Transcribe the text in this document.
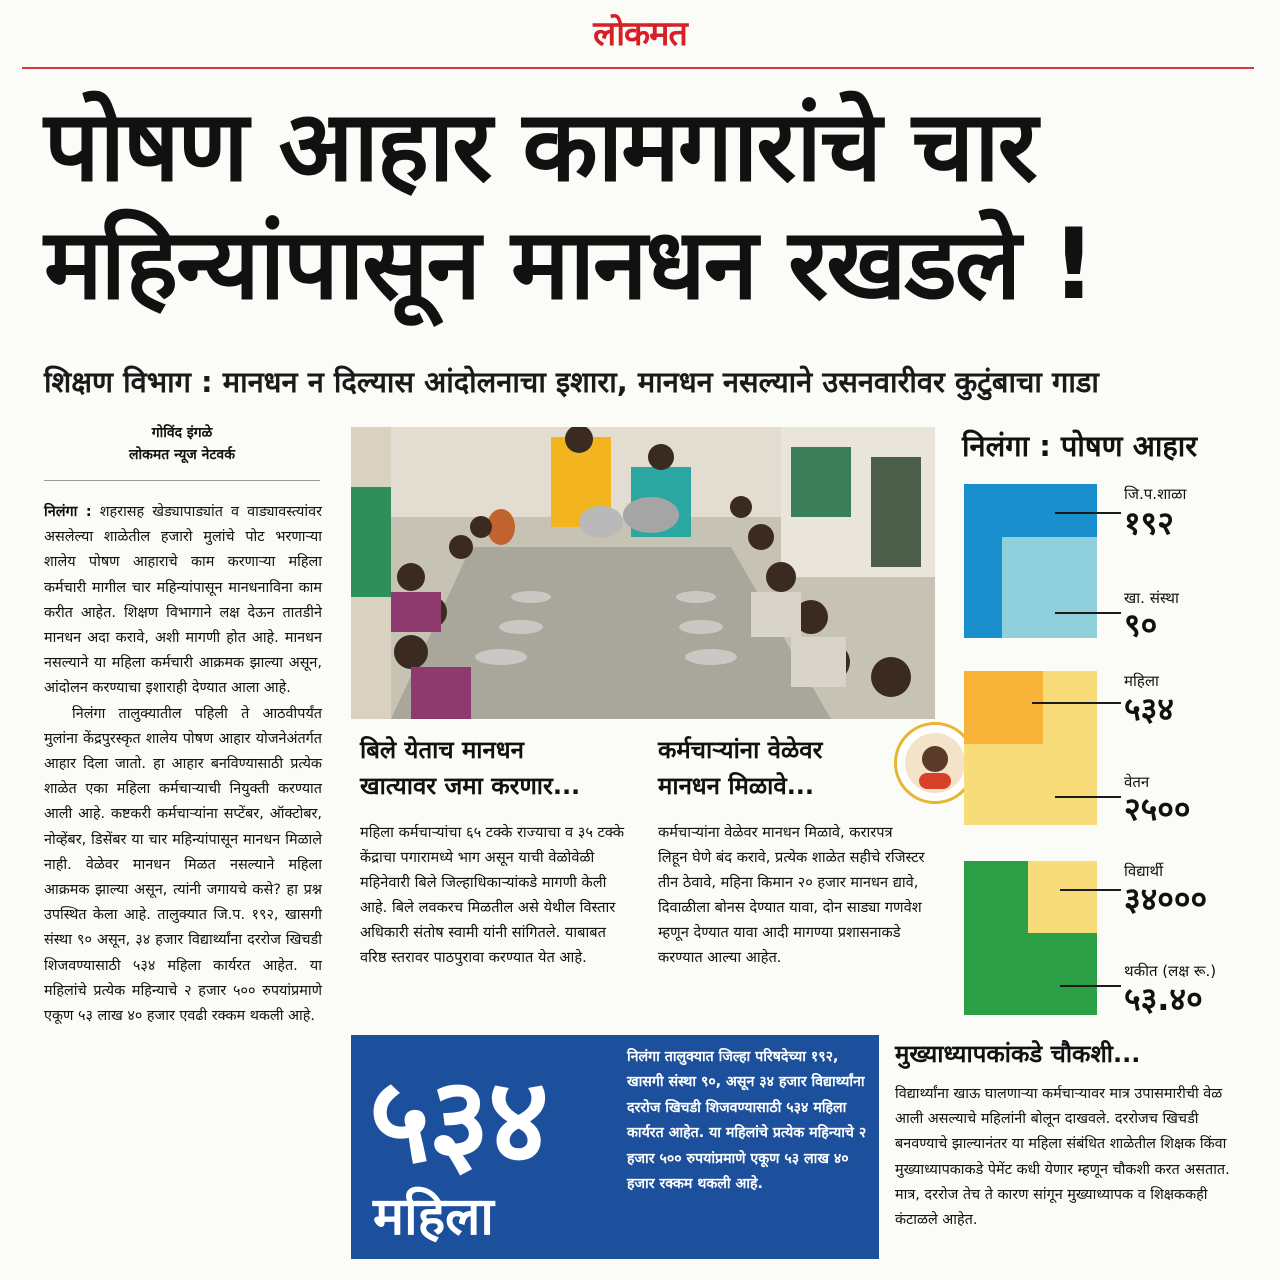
लोकमत
पोषण आहार कामगारांचे चार
महिन्यांपासून मानधन रखडले !
शिक्षण विभाग : मानधन न दिल्यास आंदोलनाचा इशारा, मानधन नसल्याने उसनवारीवर कुटुंबाचा गाडा
गोविंद इंगळे
लोकमत न्यूज नेटवर्क

निलंगा : शहरासह खेड्यापाड्यांत व वाड्यावस्त्यांवर असलेल्या शाळेतील हजारो मुलांचे पोट भरणाऱ्या शालेय पोषण आहाराचे काम करणाऱ्या महिला कर्मचारी मागील चार महिन्यांपासून मानधनाविना काम करीत आहेत. शिक्षण विभागाने लक्ष देऊन तातडीने मानधन अदा करावे, अशी मागणी होत आहे. मानधन नसल्याने या महिला कर्मचारी आक्रमक झाल्या असून, आंदोलन करण्याचा इशाराही देण्यात आला आहे.

निलंगा तालुक्यातील पहिली ते आठवीपर्यंत मुलांना केंद्रपुरस्कृत शालेय पोषण आहार योजनेअंतर्गत आहार दिला जातो. हा आहार बनविण्यासाठी प्रत्येक शाळेत एका महिला कर्मचाऱ्याची नियुक्ती करण्यात आली आहे. कष्टकरी कर्मचाऱ्यांना सप्टेंबर, ऑक्टोबर, नोव्हेंबर, डिसेंबर या चार महिन्यांपासून मानधन मिळाले नाही. वेळेवर मानधन मिळत नसल्याने महिला आक्रमक झाल्या असून, त्यांनी जगायचे कसे? हा प्रश्न उपस्थित केला आहे. तालुक्यात जि.प. १९२, खासगी संस्था ९० असून, ३४ हजार विद्यार्थ्यांना दररोज खिचडी शिजवण्यासाठी ५३४ महिला कार्यरत आहेत. या महिलांचे प्रत्येक महिन्याचे २ हजार ५०० रुपयांप्रमाणे एकूण ५३ लाख ४० हजार एवढी रक्कम थकली आहे.

बिले येताच मानधन
खात्यावर जमा करणार...
महिला कर्मचाऱ्यांचा ६५ टक्के राज्याचा व ३५ टक्के केंद्राचा पगारामध्ये भाग असून याची वेळोवेळी महिनेवारी बिले जिल्हाधिकाऱ्यांकडे मागणी केली आहे. बिले लवकरच मिळतील असे येथील विस्तार अधिकारी संतोष स्वामी यांनी सांगितले. याबाबत वरिष्ठ स्तरावर पाठपुरावा करण्यात येत आहे.
कर्मचाऱ्यांना वेळेवर
मानधन मिळावे...
कर्मचाऱ्यांना वेळेवर मानधन मिळावे, करारपत्र लिहून घेणे बंद करावे, प्रत्येक शाळेत सहीचे रजिस्टर तीन ठेवावे, महिना किमान २० हजार मानधन द्यावे, दिवाळीला बोनस देण्यात यावा, दोन साड्या गणवेश म्हणून देण्यात यावा आदी मागण्या प्रशासनाकडे करण्यात आल्या आहेत.
निलंगा : पोषण आहार
जि.प.शाळा
१९२
खा. संस्था
९०
महिला
५३४
वेतन
२५००
विद्यार्थी
३४०००
थकीत (लक्ष रू.)
५३.४०
५३४
महिला
निलंगा तालुक्यात जिल्हा परिषदेच्या १९२, खासगी संस्था ९०, असून ३४ हजार विद्यार्थ्यांना दररोज खिचडी शिजवण्यासाठी ५३४ महिला कार्यरत आहेत. या महिलांचे प्रत्येक महिन्याचे २ हजार ५०० रुपयांप्रमाणे एकूण ५३ लाख ४० हजार रक्कम थकली आहे.
मुख्याध्यापकांकडे चौकशी...
विद्यार्थ्यांना खाऊ घालणाऱ्या कर्मचाऱ्यावर मात्र उपासमारीची वेळ आली असल्याचे महिलांनी बोलून दाखवले. दररोजच खिचडी बनवण्याचे झाल्यानंतर या महिला संबंधित शाळेतील शिक्षक किंवा मुख्याध्यापकाकडे पेमेंट कधी येणार म्हणून चौकशी करत असतात. मात्र, दररोज तेच ते कारण सांगून मुख्याध्यापक व शिक्षककही कंटाळले आहेत.
